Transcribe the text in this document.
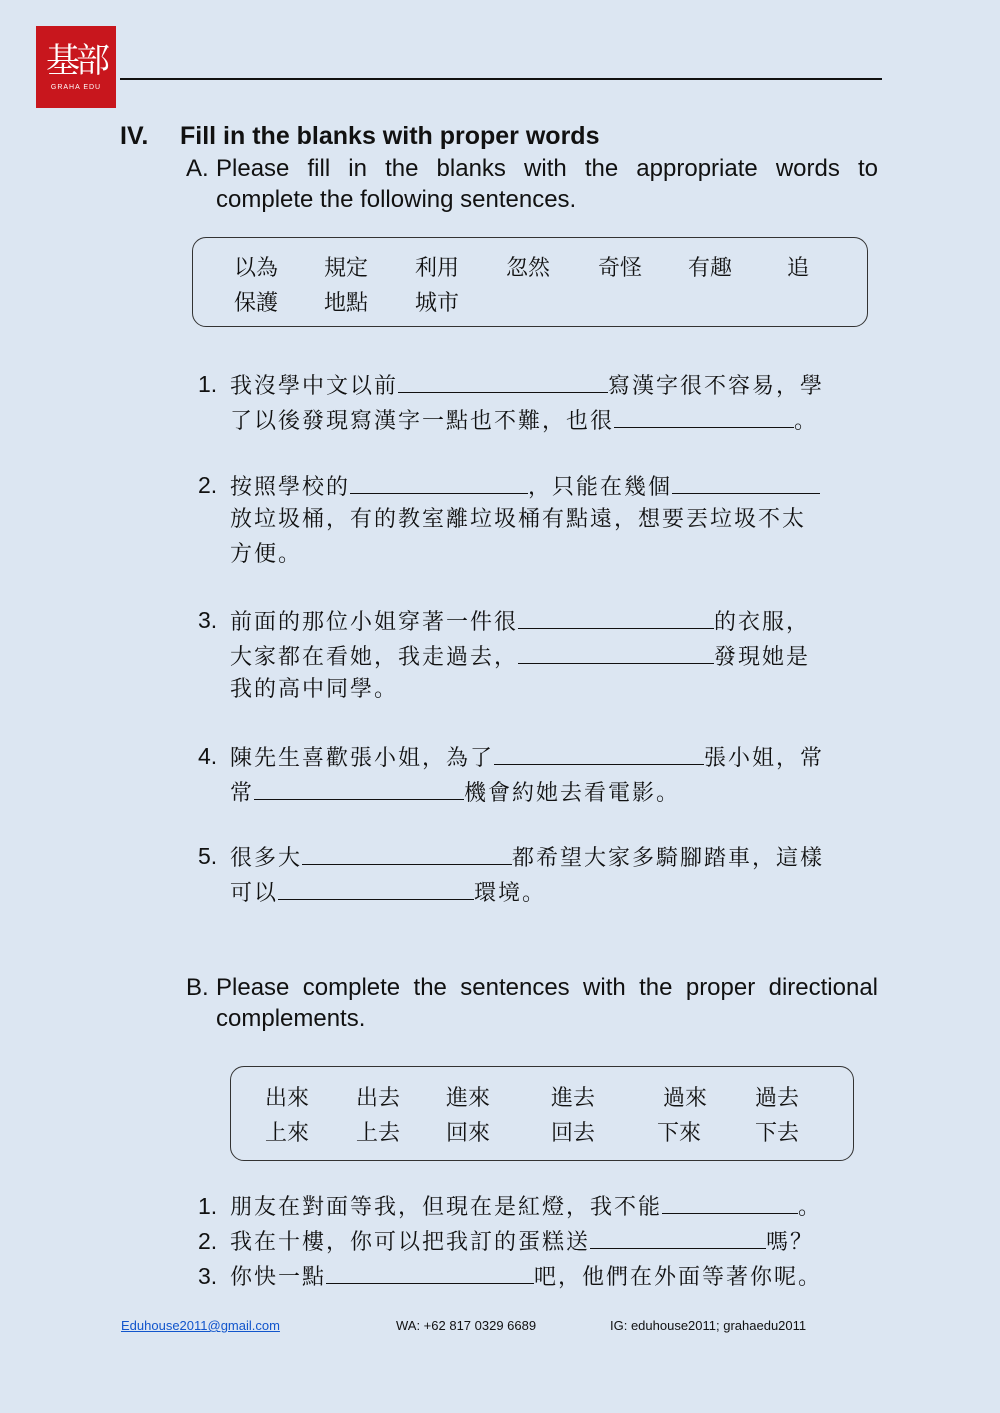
基部
GRAHA EDU
IV. Fill in the blanks with proper words
A. Please fill in the blanks with the appropriate words to complete the following sentences.
以為 規定 利用 忽然 奇怪 有趣 追
保護 地點 城市
1. 我沒學中文以前	寫漢字很不容易，學
了以後發現寫漢字一點也不難，也很	。
2. 按照學校的	，只能在幾個
放垃圾桶，有的教室離垃圾桶有點遠，想要丟垃圾不太
方便。
3. 前面的那位小姐穿著一件很	的衣服，
大家都在看她，我走過去，	發現她是
我的高中同學。
4. 陳先生喜歡張小姐，為了	張小姐，常
常	機會約她去看電影。
5. 很多大	都希望大家多騎腳踏車，這樣
可以	環境。
B. Please complete the sentences with the proper directional complements.
出來 出去 進來	進去	過來 過去
上來 上去 回來	回去	下來 下去
1. 朋友在對面等我，但現在是紅燈，我不能	。
2. 我在十樓，你可以把我訂的蛋糕送	嗎？
3. 你快一點	吧，他們在外面等著你呢。
Eduhouse2011@gmail.com	WA: +62 817 0329 6689	IG: eduhouse2011; grahaedu2011
